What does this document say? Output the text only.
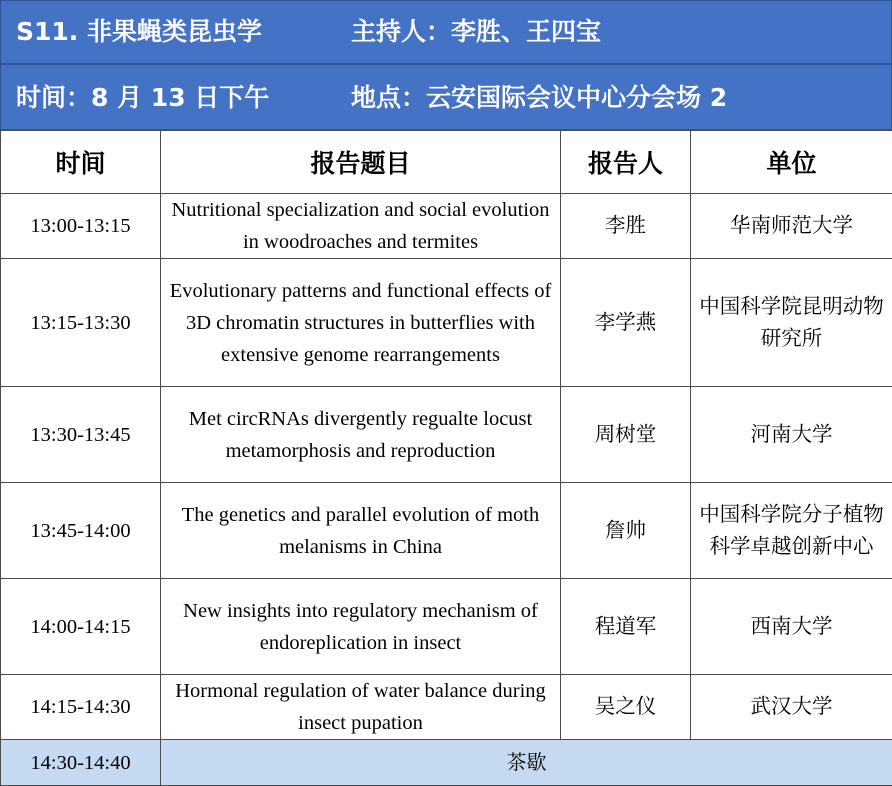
S11. 非果蝇类昆虫学	主持人：李胜、王四宝
时间：8 月 13 日下午	地点：云安国际会议中心分会场 2
时间	报告题目	报告人	单位
13:00-13:15	Nutritional specialization and social evolution in woodroaches and termites	李胜	华南师范大学
13:15-13:30	Evolutionary patterns and functional effects of 3D chromatin structures in butterflies with extensive genome rearrangements	李学燕	中国科学院昆明动物研究所
13:30-13:45	Met circRNAs divergently regualte locust metamorphosis and reproduction	周树堂	河南大学
13:45-14:00	The genetics and parallel evolution of moth melanisms in China	詹帅	中国科学院分子植物科学卓越创新中心
14:00-14:15	New insights into regulatory mechanism of endoreplication in insect	程道军	西南大学
14:15-14:30	Hormonal regulation of water balance during insect pupation	吴之仪	武汉大学
14:30-14:40	茶歇		
